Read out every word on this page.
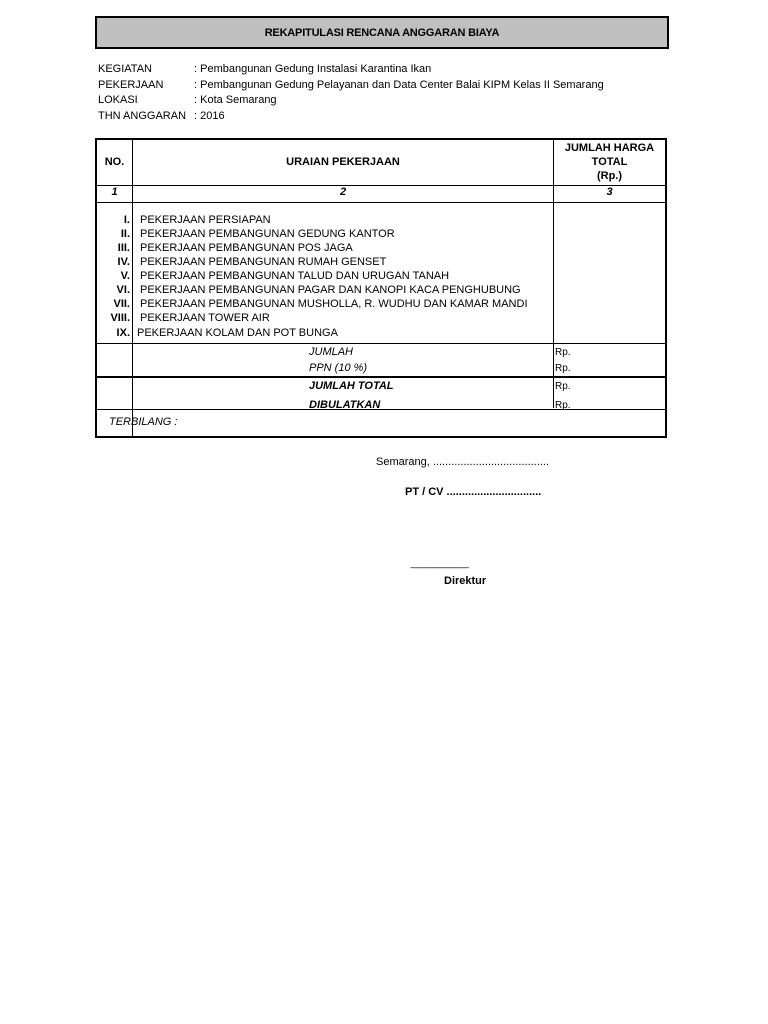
REKAPITULASI RENCANA ANGGARAN BIAYA
KEGIATAN	: Pembangunan Gedung Instalasi Karantina Ikan
PEKERJAAN	: Pembangunan Gedung Pelayanan dan Data Center Balai KIPM Kelas II Semarang
LOKASI	: Kota Semarang
THN ANGGARAN : 2016
NO.	URAIAN PEKERJAAN
JUMLAH HARGA
TOTAL
(Rp.)
1	2	3
I. PEKERJAAN PERSIAPAN
II. PEKERJAAN PEMBANGUNAN GEDUNG KANTOR
III. PEKERJAAN PEMBANGUNAN POS JAGA
IV. PEKERJAAN PEMBANGUNAN RUMAH GENSET
V. PEKERJAAN PEMBANGUNAN TALUD DAN URUGAN TANAH
VI. PEKERJAAN PEMBANGUNAN PAGAR DAN KANOPI KACA PENGHUBUNG
VII. PEKERJAAN PEMBANGUNAN MUSHOLLA, R. WUDHU DAN KAMAR MANDI
VIII. PEKERJAAN TOWER AIR
IX. PEKERJAAN KOLAM DAN POT BUNGA
JUMLAH	Rp.
PPN (10 %)	Rp.
JUMLAH TOTAL	Rp.
DIBULATKAN	Rp.
TERBILANG :
Semarang, ......................................
PT / CV ...............................
-----------------------------------
Direktur
